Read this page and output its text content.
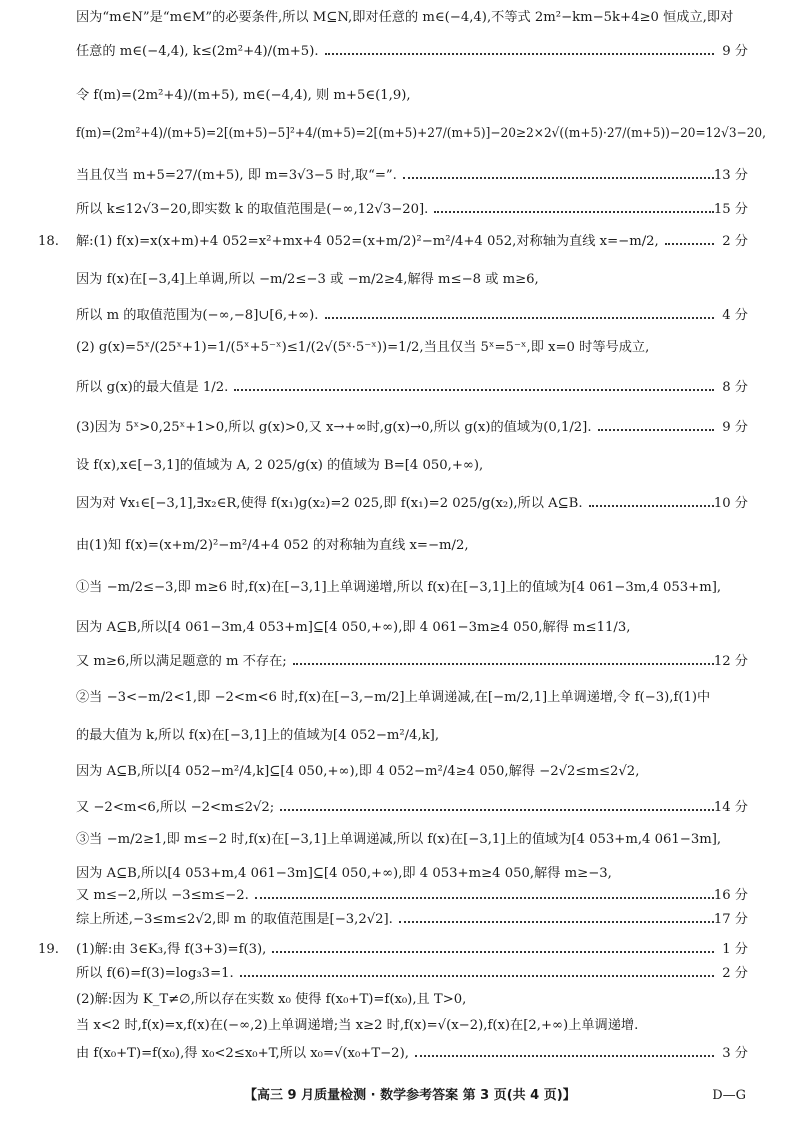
因为“m∈N”是“m∈M”的必要条件,所以 M⊆N,即对任意的 m∈(−4,4),不等式 2m²−km−5k+4≥0 恒成立,即对
任意的 m∈(−4,4), k≤(2m²+4)/(m+5).	9 分
令 f(m)=(2m²+4)/(m+5), m∈(−4,4), 则 m+5∈(1,9),
f(m)=(2m²+4)/(m+5)=2[(m+5)−5]²+4/(m+5)=2[(m+5)+27/(m+5)]−20≥2×2√((m+5)·27/(m+5))−20=12√3−20,
当且仅当 m+5=27/(m+5), 即 m=3√3−5 时,取“=”.	13 分
所以 k≤12√3−20,即实数 k 的取值范围是(−∞,12√3−20].	15 分
18. 解:(1) f(x)=x(x+m)+4 052=x²+mx+4 052=(x+m/2)²−m²/4+4 052,对称轴为直线 x=−m/2,	2 分
因为 f(x)在[−3,4]上单调,所以 −m/2≤−3 或 −m/2≥4,解得 m≤−8 或 m≥6,
所以 m 的取值范围为(−∞,−8]∪[6,+∞).	4 分
(2) g(x)=5ˣ/(25ˣ+1)=1/(5ˣ+5⁻ˣ)≤1/(2√(5ˣ·5⁻ˣ))=1/2,当且仅当 5ˣ=5⁻ˣ,即 x=0 时等号成立,
所以 g(x)的最大值是 1/2.	8 分
(3)因为 5ˣ>0,25ˣ+1>0,所以 g(x)>0,又 x→+∞时,g(x)→0,所以 g(x)的值域为(0,1/2].	9 分
设 f(x),x∈[−3,1]的值域为 A, 2 025/g(x) 的值域为 B=[4 050,+∞),
因为对 ∀x₁∈[−3,1],∃x₂∈R,使得 f(x₁)g(x₂)=2 025,即 f(x₁)=2 025/g(x₂),所以 A⊆B.	10 分
由(1)知 f(x)=(x+m/2)²−m²/4+4 052 的对称轴为直线 x=−m/2,
①当 −m/2≤−3,即 m≥6 时,f(x)在[−3,1]上单调递增,所以 f(x)在[−3,1]上的值域为[4 061−3m,4 053+m],
因为 A⊆B,所以[4 061−3m,4 053+m]⊆[4 050,+∞),即 4 061−3m≥4 050,解得 m≤11/3,
又 m≥6,所以满足题意的 m 不存在;	12 分
②当 −3<−m/2<1,即 −2<m<6 时,f(x)在[−3,−m/2]上单调递减,在[−m/2,1]上单调递增,令 f(−3),f(1)中
的最大值为 k,所以 f(x)在[−3,1]上的值域为[4 052−m²/4,k],
因为 A⊆B,所以[4 052−m²/4,k]⊆[4 050,+∞),即 4 052−m²/4≥4 050,解得 −2√2≤m≤2√2,
又 −2<m<6,所以 −2<m≤2√2;	14 分
③当 −m/2≥1,即 m≤−2 时,f(x)在[−3,1]上单调递减,所以 f(x)在[−3,1]上的值域为[4 053+m,4 061−3m],
因为 A⊆B,所以[4 053+m,4 061−3m]⊆[4 050,+∞),即 4 053+m≥4 050,解得 m≥−3,
又 m≤−2,所以 −3≤m≤−2.	16 分
综上所述,−3≤m≤2√2,即 m 的取值范围是[−3,2√2].	17 分
19. (1)解:由 3∈K₃,得 f(3+3)=f(3),	1 分
所以 f(6)=f(3)=log₃3=1.	2 分
(2)解:因为 K_T≠∅,所以存在实数 x₀ 使得 f(x₀+T)=f(x₀),且 T>0,
当 x<2 时,f(x)=x,f(x)在(−∞,2)上单调递增;当 x≥2 时,f(x)=√(x−2),f(x)在[2,+∞)上单调递增.
由 f(x₀+T)=f(x₀),得 x₀<2≤x₀+T,所以 x₀=√(x₀+T−2),	3 分
【高三 9 月质量检测 · 数学参考答案 第 3 页(共 4 页)】	D—G
